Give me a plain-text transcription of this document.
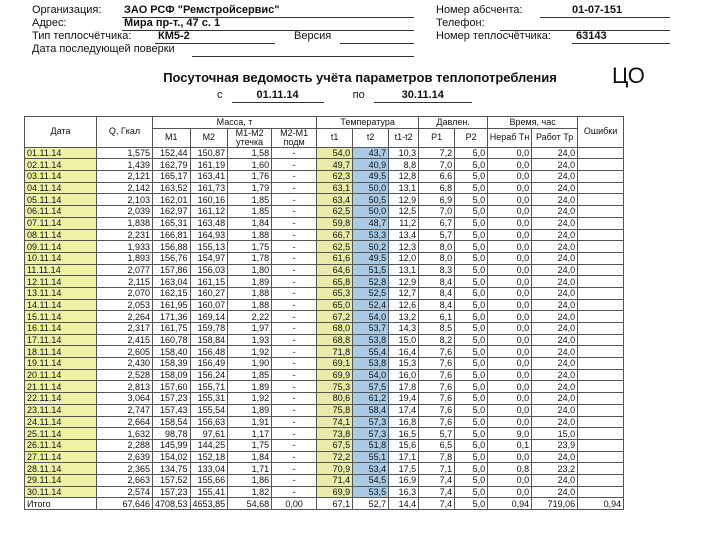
Организация: ЗАО РСФ "Ремстройсервис"
Адрес:	Мира пр-т., 47 с. 1
Тип теплосчётчика: КМ5-2	Версия
Дата последующей поверки
Номер абсчента:	01-07-151
Телефон:
Номер теплосчётчика: 63143
Посуточная ведомость учёта параметров теплопотребления	ЦО
с	01.11.14	по	30.11.14
Дата	Q, Гкал	Масса, т				Температура			Давлен.		Время, час		Ошибки
		М1	М2	М1-М2 утечка	М2-М1 подм	t1	t2	t1-t2	Р1	Р2	Нераб Тн	Работ Тр	

01.11.14	1,575	152,44	150,87	1,58	-	54,0	43,7	10,3	7,2	5,0	0,0	24,0	
02.11.14	1,439	162,79	161,19	1,60	-	49,7	40,9	8,8	7,0	5,0	0,0	24,0	
03.11.14	2,121	165,17	163,41	1,76	-	62,3	49,5	12,8	6,6	5,0	0,0	24,0	
04.11.14	2,142	163,52	161,73	1,79	-	63,1	50,0	13,1	6,8	5,0	0,0	24,0	
05.11.14	2,103	162,01	160,16	1,85	-	63,4	50,5	12,9	6,9	5,0	0,0	24,0	
06.11.14	2,039	162,97	161,12	1,85	-	62,5	50,0	12,5	7,0	5,0	0,0	24,0	
07.11.14	1,838	165,31	163,48	1,84	-	59,8	48,7	11,2	6,7	5,0	0,0	24,0	
08.11.14	2,231	166,81	164,93	1,88	-	66,7	53,3	13,4	5,7	5,0	0,0	24,0	
09.11.14	1,933	156,88	155,13	1,75	-	62,5	50,2	12,3	8,0	5,0	0,0	24,0	
10.11.14	1,893	156,76	154,97	1,78	-	61,6	49,5	12,0	8,0	5,0	0,0	24,0	
11.11.14	2,077	157,86	156,03	1,80	-	64,6	51,5	13,1	8,3	5,0	0,0	24,0	
12.11.14	2,115	163,04	161,15	1,89	-	65,8	52,8	12,9	8,4	5,0	0,0	24,0	
13.11.14	2,070	162,15	160,27	1,88	-	65,3	52,5	12,7	8,4	5,0	0,0	24,0	
14.11.14	2,053	161,95	160,07	1,88	-	65,0	52,4	12,6	8,4	5,0	0,0	24,0	
15.11.14	2,264	171,36	169,14	2,22	-	67,2	54,0	13,2	6,1	5,0	0,0	24,0	
16.11.14	2,317	161,75	159,78	1,97	-	68,0	53,7	14,3	8,5	5,0	0,0	24,0	
17.11.14	2,415	160,78	158,84	1,93	-	68,8	53,8	15,0	8,2	5,0	0,0	24,0	
18.11.14	2,605	158,40	156,48	1,92	-	71,8	55,4	16,4	7,6	5,0	0,0	24,0	
19.11.14	2,430	158,39	156,49	1,90	-	69,1	53,8	15,3	7,6	5,0	0,0	24,0	
20.11.14	2,528	158,09	156,24	1,85	-	69,9	54,0	16,0	7,6	5,0	0,0	24,0	
21.11.14	2,813	157,60	155,71	1,89	-	75,3	57,5	17,8	7,6	5,0	0,0	24,0	
22.11.14	3,064	157,23	155,31	1,92	-	80,6	61,2	19,4	7,6	5,0	0,0	24,0	
23.11.14	2,747	157,43	155,54	1,89	-	75,8	58,4	17,4	7,6	5,0	0,0	24,0	
24.11.14	2,664	158,54	156,63	1,91	-	74,1	57,3	16,8	7,6	5,0	0,0	24,0	
25.11.14	1,632	98,78	97,61	1,17	-	73,8	57,3	16,5	5,7	5,0	9,0	15,0	
26.11.14	2,288	145,99	144,25	1,75	-	67,5	51,8	15,6	6,5	5,0	0,1	23,9	
27.11.14	2,639	154,02	152,18	1,84	-	72,2	55,1	17,1	7,8	5,0	0,0	24,0	
28.11.14	2,365	134,75	133,04	1,71	-	70,9	53,4	17,5	7,1	5,0	0,8	23,2	
29.11.14	2,663	157,52	155,66	1,86	-	71,4	54,5	16,9	7,4	5,0	0,0	24,0	
30.11.14	2,574	157,23	155,41	1,82	-	69,9	53,5	16,3	7,4	5,0	0,0	24,0	
Итого	67,646	4708,53	4653,85	54,68	0,00	67,1	52,7	14,4	7,4	5,0	0,94	719,06	0,94
